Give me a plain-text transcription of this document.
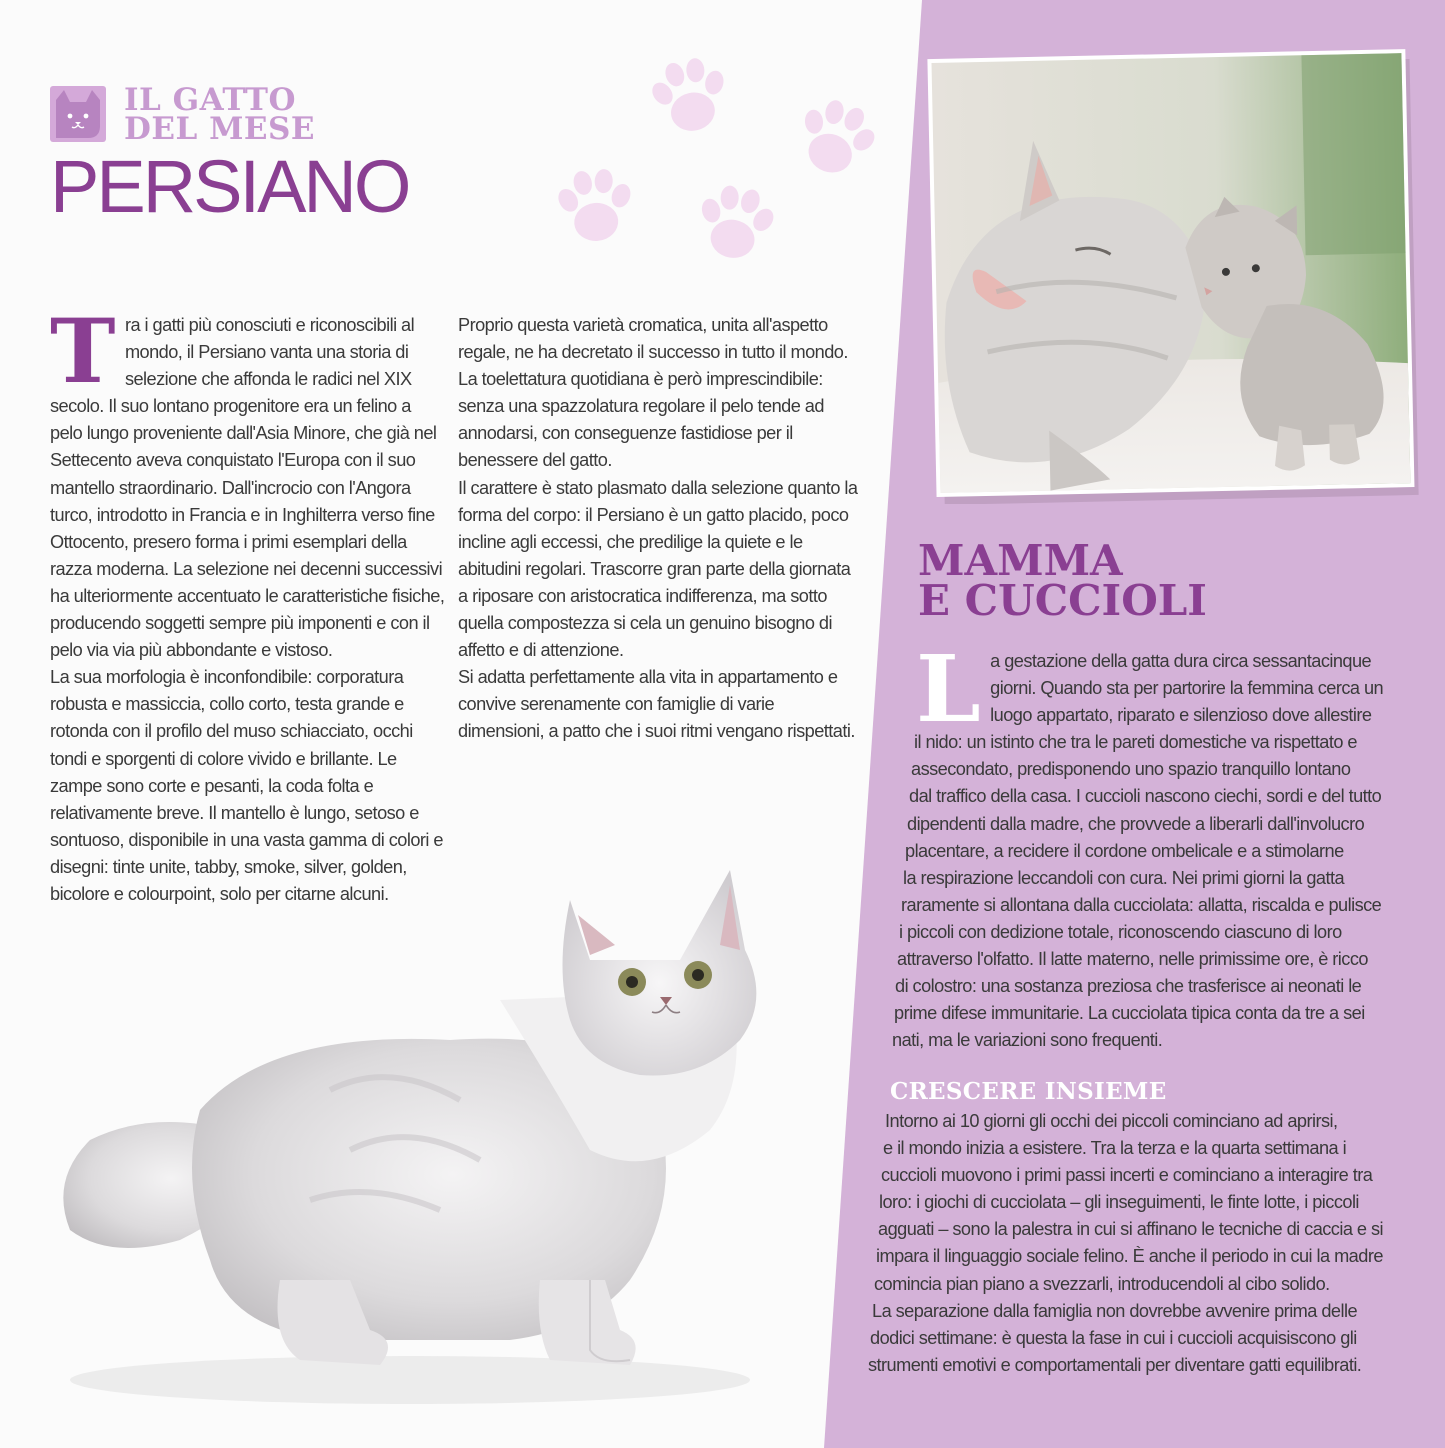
IL GATTO
DEL MESE
PERSIANO

T ra i gatti più conosciuti e riconoscibili al
mondo, il Persiano vanta una storia di
selezione che affonda le radici nel XIX
secolo. Il suo lontano progenitore era un felino a pelo lungo proveniente dall'Asia Minore, che già nel Settecento aveva conquistato l'Europa con il suo mantello straordinario. Dall'incrocio con l'Angora turco, introdotto in Francia e in Inghilterra verso fine Ottocento, presero forma i primi esemplari della razza moderna. La selezione nei decenni successivi ha ulteriormente accentuato le caratteristiche fisiche, producendo soggetti sempre più imponenti e con il pelo via via più abbondante e vistoso.

La sua morfologia è inconfondibile: corporatura robusta e massiccia, collo corto, testa grande e rotonda con il profilo del muso schiacciato, occhi tondi e sporgenti di colore vivido e brillante. Le zampe sono corte e pesanti, la coda folta e relativamente breve. Il mantello è lungo, setoso e sontuoso, disponibile in una vasta gamma di colori e disegni: tinte unite, tabby, smoke, silver, golden, bicolore e colourpoint, solo per citarne alcuni.

Proprio questa varietà cromatica, unita all'aspetto regale, ne ha decretato il successo in tutto il mondo. La toelettatura quotidiana è però imprescindibile: senza una spazzolatura regolare il pelo tende ad annodarsi, con conseguenze fastidiose per il benessere del gatto.

Il carattere è stato plasmato dalla selezione quanto la forma del corpo: il Persiano è un gatto placido, poco incline agli eccessi, che predilige la quiete e le abitudini regolari. Trascorre gran parte della giornata a riposare con aristocratica indifferenza, ma sotto quella compostezza si cela un genuino bisogno di affetto e di attenzione.

Si adatta perfettamente alla vita in appartamento e convive serenamente con famiglie di varie dimensioni, a patto che i suoi ritmi vengano rispettati.

MAMMA
E CUCCIOLI
L a gestazione della gatta dura circa sessantacinque
giorni. Quando sta per partorire la femmina cerca un
luogo appartato, riparato e silenzioso dove allestire
il nido: un istinto che tra le pareti domestiche va rispettato e
assecondato, predisponendo uno spazio tranquillo lontano
dal traffico della casa. I cuccioli nascono ciechi, sordi e del tutto
dipendenti dalla madre, che provvede a liberarli dall'involucro
placentare, a recidere il cordone ombelicale e a stimolarne
la respirazione leccandoli con cura. Nei primi giorni la gatta
raramente si allontana dalla cucciolata: allatta, riscalda e pulisce
i piccoli con dedizione totale, riconoscendo ciascuno di loro
attraverso l'olfatto. Il latte materno, nelle primissime ore, è ricco
di colostro: una sostanza preziosa che trasferisce ai neonati le
prime difese immunitarie. La cucciolata tipica conta da tre a sei
nati, ma le variazioni sono frequenti.
CRESCERE INSIEME
Intorno ai 10 giorni gli occhi dei piccoli cominciano ad aprirsi,
e il mondo inizia a esistere. Tra la terza e la quarta settimana i
cuccioli muovono i primi passi incerti e cominciano a interagire tra
loro: i giochi di cucciolata – gli inseguimenti, le finte lotte, i piccoli
agguati – sono la palestra in cui si affinano le tecniche di caccia e si
impara il linguaggio sociale felino. È anche il periodo in cui la madre
comincia pian piano a svezzarli, introducendoli al cibo solido.
La separazione dalla famiglia non dovrebbe avvenire prima delle
dodici settimane: è questa la fase in cui i cuccioli acquisiscono gli
strumenti emotivi e comportamentali per diventare gatti equilibrati.
